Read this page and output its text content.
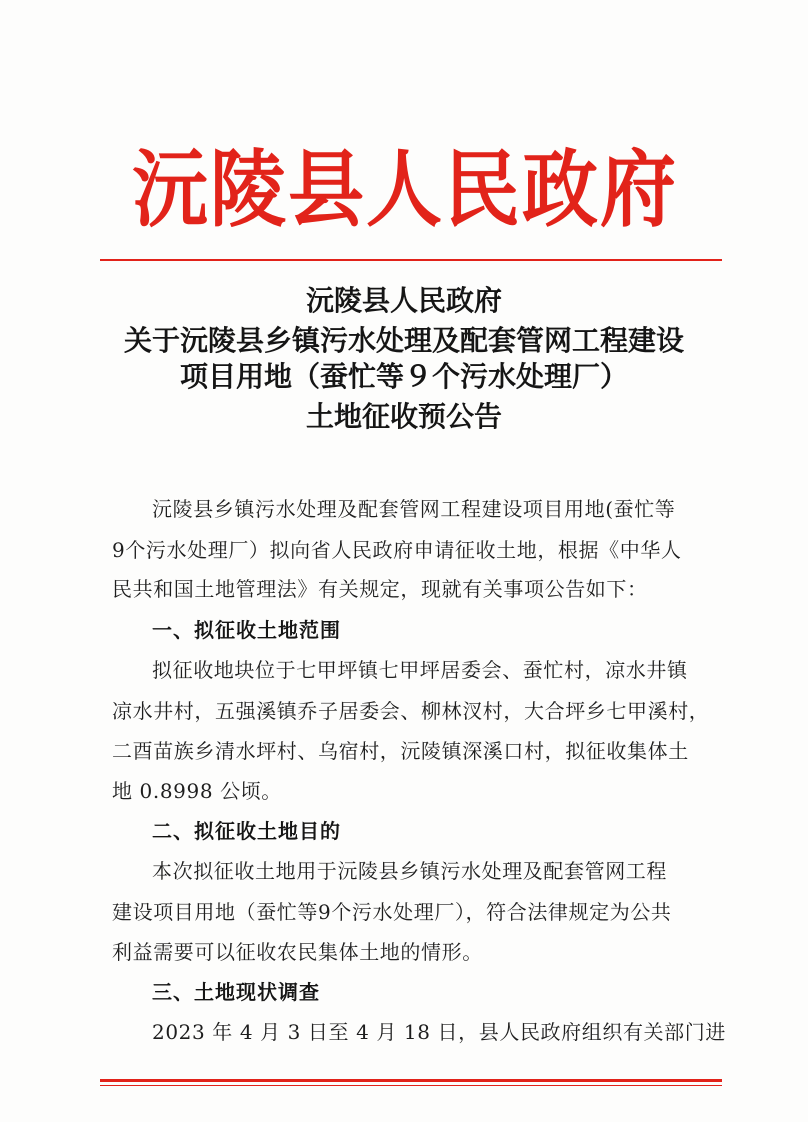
沅陵县人民政府
沅陵县人民政府
关于沅陵县乡镇污水处理及配套管网工程建设
项目用地（蚕忙等９个污水处理厂）
土地征收预公告
沅陵县乡镇污水处理及配套管网工程建设项目用地(蚕忙等
9个污水处理厂）拟向省人民政府申请征收土地，根据《中华人
民共和国土地管理法》有关规定，现就有关事项公告如下：
一、拟征收土地范围
拟征收地块位于七甲坪镇七甲坪居委会、蚕忙村，凉水井镇
凉水井村，五强溪镇乔子居委会、柳林汊村，大合坪乡七甲溪村，
二酉苗族乡清水坪村、乌宿村，沅陵镇深溪口村，拟征收集体土
地 0.8998 公顷。
二、拟征收土地目的
本次拟征收土地用于沅陵县乡镇污水处理及配套管网工程
建设项目用地（蚕忙等9个污水处理厂），符合法律规定为公共
利益需要可以征收农民集体土地的情形。
三、土地现状调查
2023 年 4 月 3 日至 4 月 18 日，县人民政府组织有关部门进
